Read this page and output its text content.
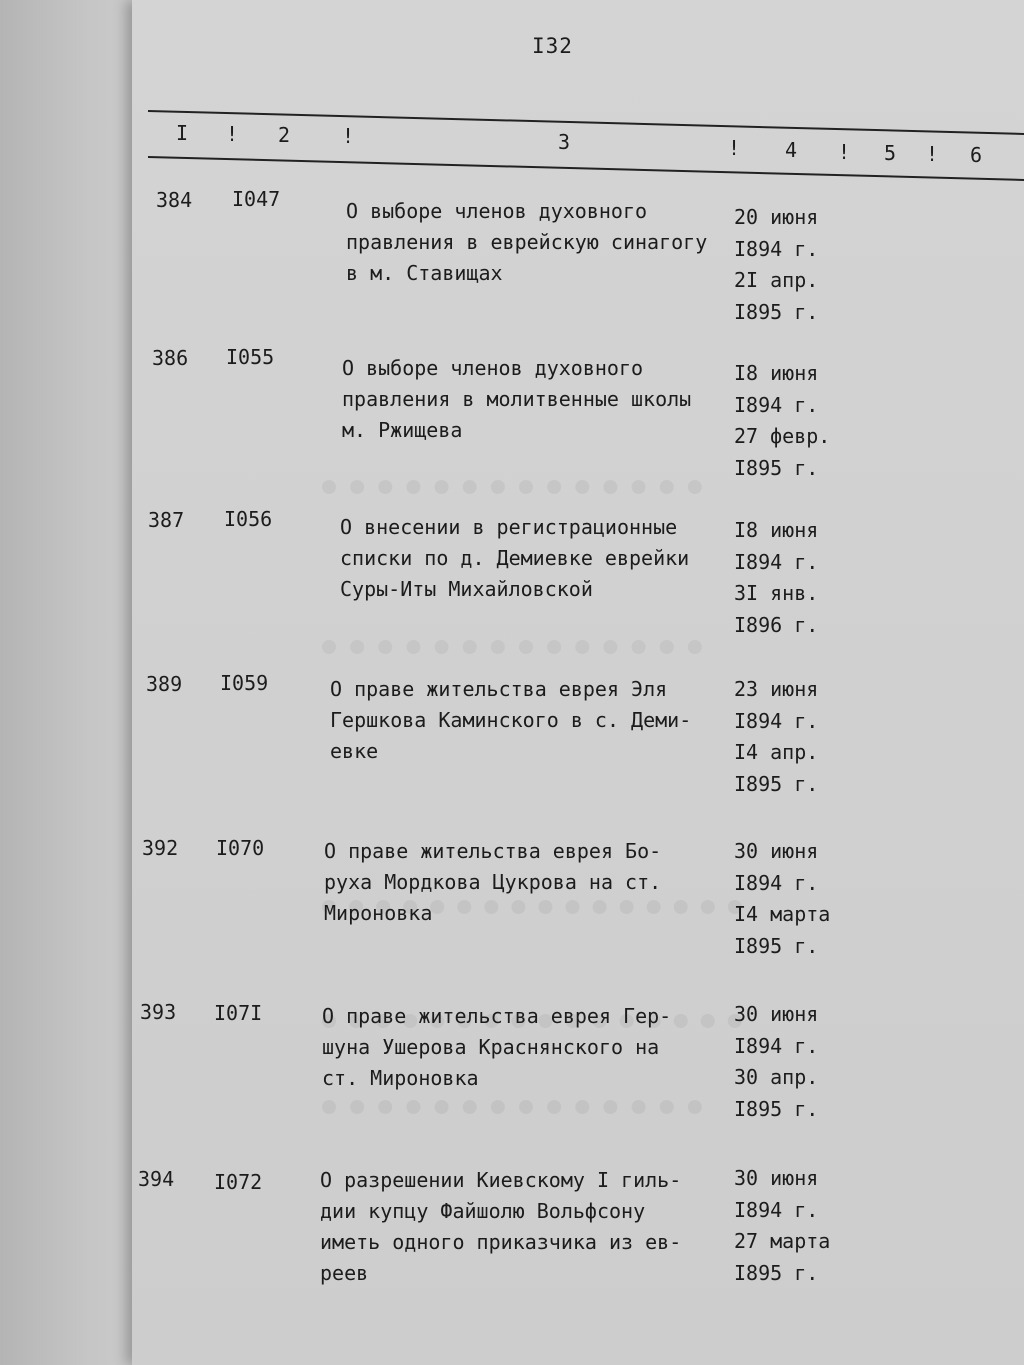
I32
I ! 2	!	3	! 4 ! 5 ! 6
384 I047	О выборе членов духовного
правления в еврейскую синагогу
в м. Ставищах
20 июня
I894 г.
2I апр.
I895 г.
386 I055	О выборе членов духовного
правления в молитвенные школы
м. Ржищева
I8 июня
I894 г.
27 февр.
I895 г.
387 I056	О внесении в регистрационные
списки по д. Демиевке еврейки
Суры-Иты Михайловской
I8 июня
I894 г.
3I янв.
I896 г.
389 I059	О праве жительства еврея Эля
Гершкова Каминского в с. Деми-
евке
23 июня
I894 г.
I4 апр.
I895 г.
392 I070	О праве жительства еврея Бо-
руха Мордкова Цукрова на ст.
Мироновка
30 июня
I894 г.
I4 марта
I895 г.
393 I07I	О праве жительства еврея Гер-
шуна Ушерова Краснянского на
ст. Мироновка
30 июня
I894 г.
30 апр.
I895 г.
394 I072	О разрешении Киевскому I гиль-
дии купцу Файшолю Вольфсону
иметь одного приказчика из ев-
реев
30 июня
I894 г.
27 марта
I895 г.
